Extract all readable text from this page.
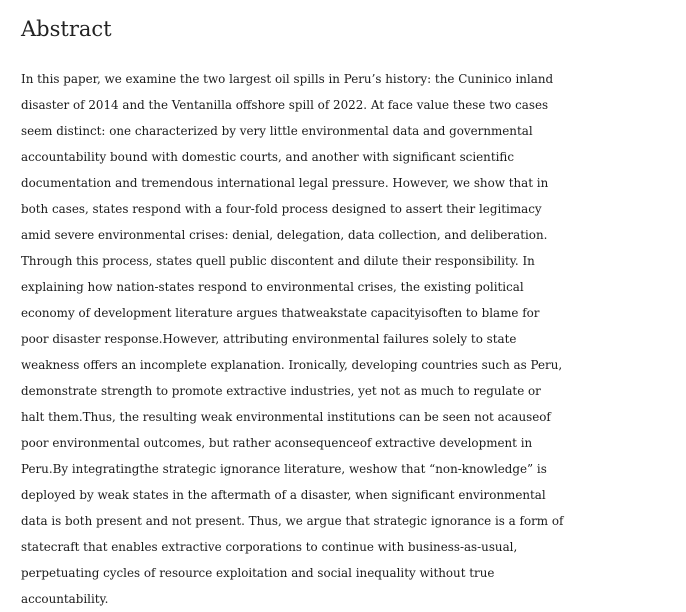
Abstract
In this paper, we examine the two largest oil spills in Peru’s history: the Cuninico inland
disaster of 2014 and the Ventanilla offshore spill of 2022. At face value these two cases
seem distinct: one characterized by very little environmental data and governmental
accountability bound with domestic courts, and another with significant scientific
documentation and tremendous international legal pressure. However, we show that in
both cases, states respond with a four-fold process designed to assert their legitimacy
amid severe environmental crises: denial, delegation, data collection, and deliberation.
Through this process, states quell public discontent and dilute their responsibility. In
explaining how nation-states respond to environmental crises, the existing political
economy of development literature argues thatweakstate capacityisoften to blame for
poor disaster response.However, attributing environmental failures solely to state
weakness offers an incomplete explanation. Ironically, developing countries such as Peru,
demonstrate strength to promote extractive industries, yet not as much to regulate or
halt them.Thus, the resulting weak environmental institutions can be seen not acauseof
poor environmental outcomes, but rather aconsequenceof extractive development in
Peru.By integratingthe strategic ignorance literature, weshow that “non-knowledge” is
deployed by weak states in the aftermath of a disaster, when significant environmental
data is both present and not present. Thus, we argue that strategic ignorance is a form of
statecraft that enables extractive corporations to continue with business-as-usual,
perpetuating cycles of resource exploitation and social inequality without true
accountability.
